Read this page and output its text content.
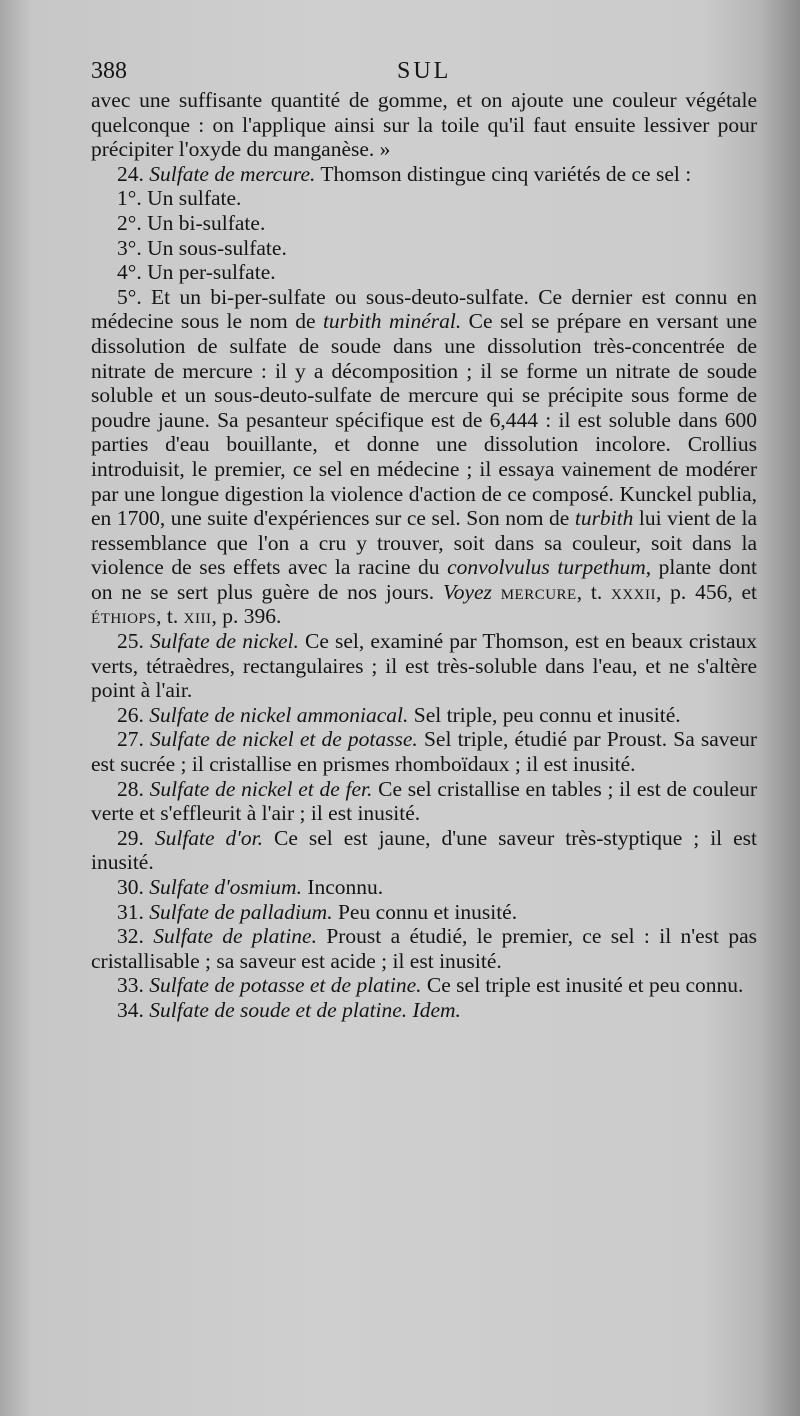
388	SUL

avec une suffisante quantité de gomme, et on ajoute une couleur végétale quelconque : on l'applique ainsi sur la toile qu'il faut ensuite lessiver pour précipiter l'oxyde du manganèse. »

24. Sulfate de mercure. Thomson distingue cinq variétés de ce sel :

1°. Un sulfate.

2°. Un bi-sulfate.

3°. Un sous-sulfate.

4°. Un per-sulfate.

5°. Et un bi-per-sulfate ou sous-deuto-sulfate. Ce dernier est connu en médecine sous le nom de turbith minéral. Ce sel se prépare en versant une dissolution de sulfate de soude dans une dissolution très-concentrée de nitrate de mercure : il y a décomposition ; il se forme un nitrate de soude soluble et un sous-deuto-sulfate de mercure qui se précipite sous forme de poudre jaune. Sa pesanteur spécifique est de 6,444 : il est soluble dans 600 parties d'eau bouillante, et donne une dissolution incolore. Crollius introduisit, le premier, ce sel en médecine ; il essaya vainement de modérer par une longue digestion la violence d'action de ce composé. Kunckel publia, en 1700, une suite d'expériences sur ce sel. Son nom de turbith lui vient de la ressemblance que l'on a cru y trouver, soit dans sa couleur, soit dans la violence de ses effets avec la racine du convolvulus turpethum, plante dont on ne se sert plus guère de nos jours. Voyez mercure, t. xxxii, p. 456, et éthiops, t. xiii, p. 396.

25. Sulfate de nickel. Ce sel, examiné par Thomson, est en beaux cristaux verts, tétraèdres, rectangulaires ; il est très-soluble dans l'eau, et ne s'altère point à l'air.

26. Sulfate de nickel ammoniacal. Sel triple, peu connu et inusité.

27. Sulfate de nickel et de potasse. Sel triple, étudié par Proust. Sa saveur est sucrée ; il cristallise en prismes rhomboïdaux ; il est inusité.

28. Sulfate de nickel et de fer. Ce sel cristallise en tables ; il est de couleur verte et s'effleurit à l'air ; il est inusité.

29. Sulfate d'or. Ce sel est jaune, d'une saveur très-styptique ; il est inusité.

30. Sulfate d'osmium. Inconnu.

31. Sulfate de palladium. Peu connu et inusité.

32. Sulfate de platine. Proust a étudié, le premier, ce sel : il n'est pas cristallisable ; sa saveur est acide ; il est inusité.

33. Sulfate de potasse et de platine. Ce sel triple est inusité et peu connu.

34. Sulfate de soude et de platine. Idem.
